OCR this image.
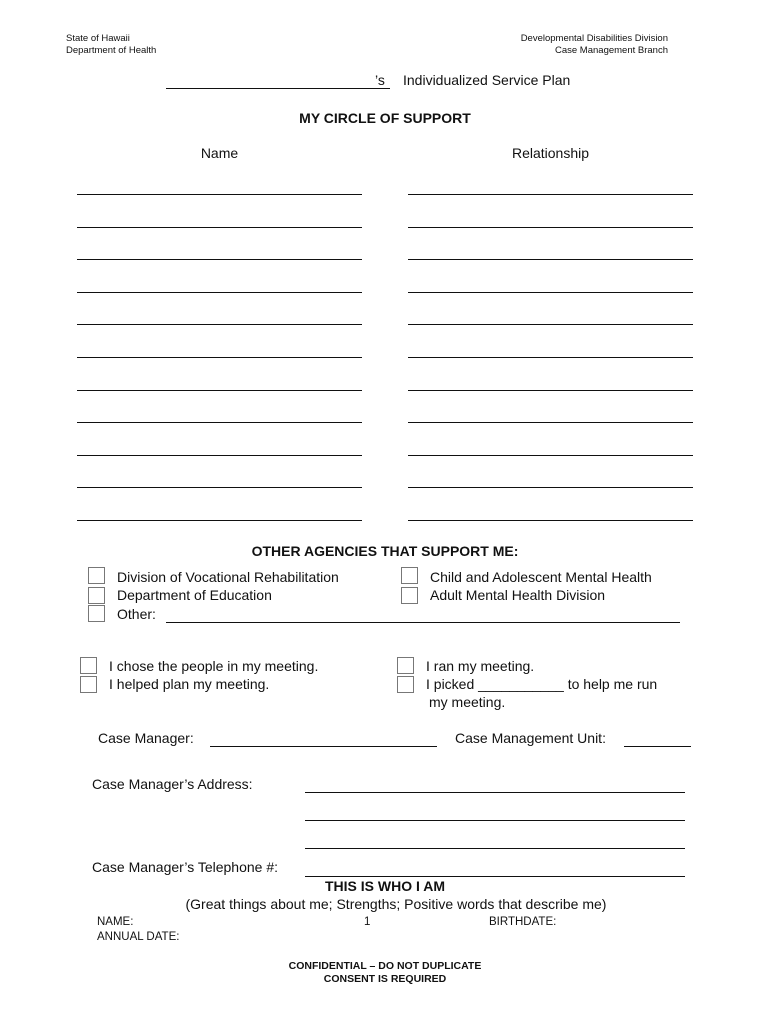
State of Hawaii
Department of Health
Developmental Disabilities Division
Case Management Branch
’s Individualized Service Plan
MY CIRCLE OF SUPPORT
Name	Relationship
OTHER AGENCIES THAT SUPPORT ME:
Division of Vocational Rehabilitation
Department of Education
Other:
Child and Adolescent Mental Health
Adult Mental Health Division
I chose the people in my meeting.
I helped plan my meeting.
I ran my meeting.
I picked ___________ to help me run
my meeting.
Case Manager:	Case Management Unit:
Case Manager’s Address:
Case Manager’s Telephone #:
THIS IS WHO I AM
(Great things about me; Strengths; Positive words that describe me)
NAME:	1	BIRTHDATE:
ANNUAL DATE:
CONFIDENTIAL – DO NOT DUPLICATE
CONSENT IS REQUIRED
